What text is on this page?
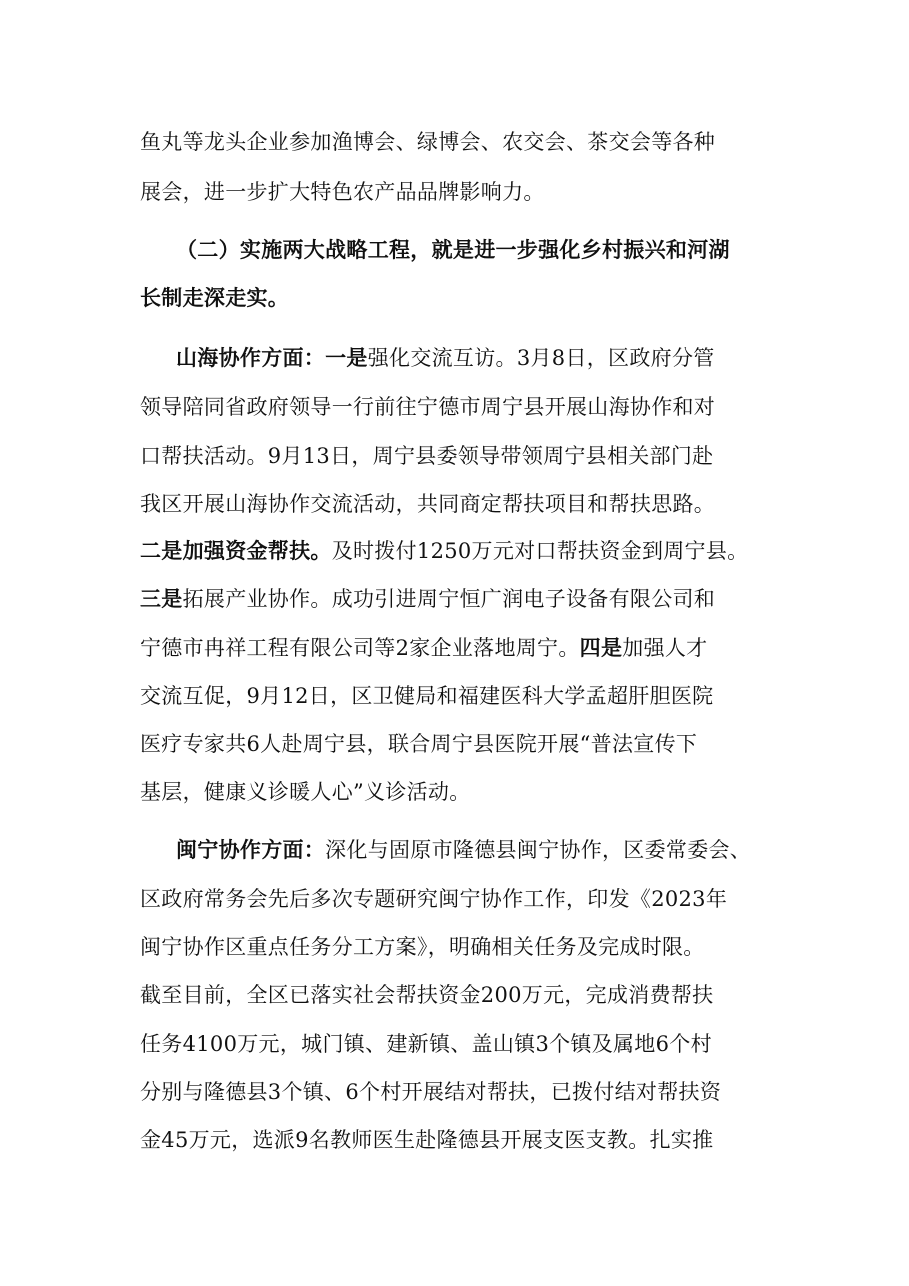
鱼丸等龙头企业参加渔博会、绿博会、农交会、茶交会等各种
展会，进一步扩大特色农产品品牌影响力。
（二）实施两大战略工程，就是进一步强化乡村振兴和河湖
长制走深走实。
山海协作方面：一是强化交流互访。3月8日，区政府分管
领导陪同省政府领导一行前往宁德市周宁县开展山海协作和对
口帮扶活动。9月13日，周宁县委领导带领周宁县相关部门赴
我区开展山海协作交流活动，共同商定帮扶项目和帮扶思路。
二是加强资金帮扶。及时拨付1250万元对口帮扶资金到周宁县。
三是拓展产业协作。成功引进周宁恒广润电子设备有限公司和
宁德市冉祥工程有限公司等2家企业落地周宁。四是加强人才
交流互促，9月12日，区卫健局和福建医科大学孟超肝胆医院
医疗专家共6人赴周宁县，联合周宁县医院开展“普法宣传下
基层，健康义诊暖人心”义诊活动。
闽宁协作方面：深化与固原市隆德县闽宁协作，区委常委会、
区政府常务会先后多次专题研究闽宁协作工作，印发《2023年
闽宁协作区重点任务分工方案》，明确相关任务及完成时限。
截至目前，全区已落实社会帮扶资金200万元，完成消费帮扶
任务4100万元，城门镇、建新镇、盖山镇3个镇及属地6个村
分别与隆德县3个镇、6个村开展结对帮扶，已拨付结对帮扶资
金45万元，选派9名教师医生赴隆德县开展支医支教。扎实推
